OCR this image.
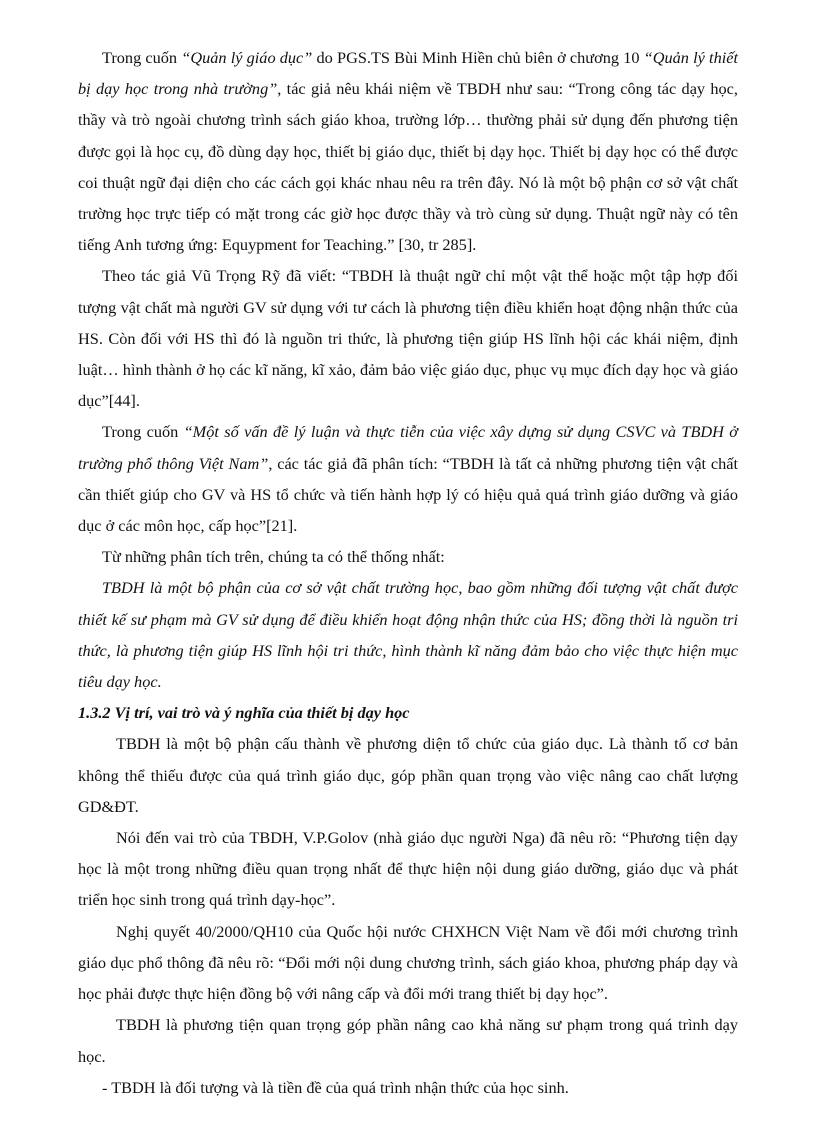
Trong cuốn “Quản lý giáo dục” do PGS.TS Bùi Minh Hiền chủ biên ở chương 10 “Quản lý thiết bị dạy học trong nhà trường”, tác giả nêu khái niệm về TBDH như sau: “Trong công tác dạy học, thầy và trò ngoài chương trình sách giáo khoa, trường lớp… thường phải sử dụng đến phương tiện được gọi là học cụ, đồ dùng dạy học, thiết bị giáo dục, thiết bị dạy học. Thiết bị dạy học có thể được coi thuật ngữ đại diện cho các cách gọi khác nhau nêu ra trên đây. Nó là một bộ phận cơ sở vật chất trường học trực tiếp có mặt trong các giờ học được thầy và trò cùng sử dụng. Thuật ngữ này có tên tiếng Anh tương ứng: Equypment for Teaching.” [30, tr 285].

Theo tác giả Vũ Trọng Rỹ đã viết: “TBDH là thuật ngữ chỉ một vật thể hoặc một tập hợp đối tượng vật chất mà người GV sử dụng với tư cách là phương tiện điều khiển hoạt động nhận thức của HS. Còn đối với HS thì đó là nguồn tri thức, là phương tiện giúp HS lĩnh hội các khái niệm, định luật… hình thành ở họ các kĩ năng, kĩ xảo, đảm bảo việc giáo dục, phục vụ mục đích dạy học và giáo dục”[44].

Trong cuốn “Một số vấn đề lý luận và thực tiễn của việc xây dựng sử dụng CSVC và TBDH ở trường phổ thông Việt Nam”, các tác giả đã phân tích: “TBDH là tất cả những phương tiện vật chất cần thiết giúp cho GV và HS tổ chức và tiến hành hợp lý có hiệu quả quá trình giáo dưỡng và giáo dục ở các môn học, cấp học”[21].

Từ những phân tích trên, chúng ta có thể thống nhất:

TBDH là một bộ phận của cơ sở vật chất trường học, bao gồm những đối tượng vật chất được thiết kế sư phạm mà GV sử dụng để điều khiển hoạt động nhận thức của HS; đồng thời là nguồn tri thức, là phương tiện giúp HS lĩnh hội tri thức, hình thành kĩ năng đảm bảo cho việc thực hiện mục tiêu dạy học.

1.3.2 Vị trí, vai trò và ý nghĩa của thiết bị dạy học

TBDH là một bộ phận cấu thành về phương diện tổ chức của giáo dục. Là thành tố cơ bản không thể thiếu được của quá trình giáo dục, góp phần quan trọng vào việc nâng cao chất lượng GD&ĐT.

Nói đến vai trò của TBDH, V.P.Golov (nhà giáo dục người Nga) đã nêu rõ: “Phương tiện dạy học là một trong những điều quan trọng nhất để thực hiện nội dung giáo dưỡng, giáo dục và phát triển học sinh trong quá trình dạy-học”.

Nghị quyết 40/2000/QH10 của Quốc hội nước CHXHCN Việt Nam về đổi mới chương trình giáo dục phổ thông đã nêu rõ: “Đổi mới nội dung chương trình, sách giáo khoa, phương pháp dạy và học phải được thực hiện đồng bộ với nâng cấp và đổi mới trang thiết bị dạy học”.

TBDH là phương tiện quan trọng góp phần nâng cao khả năng sư phạm trong quá trình dạy học.

- TBDH là đối tượng và là tiền đề của quá trình nhận thức của học sinh.
